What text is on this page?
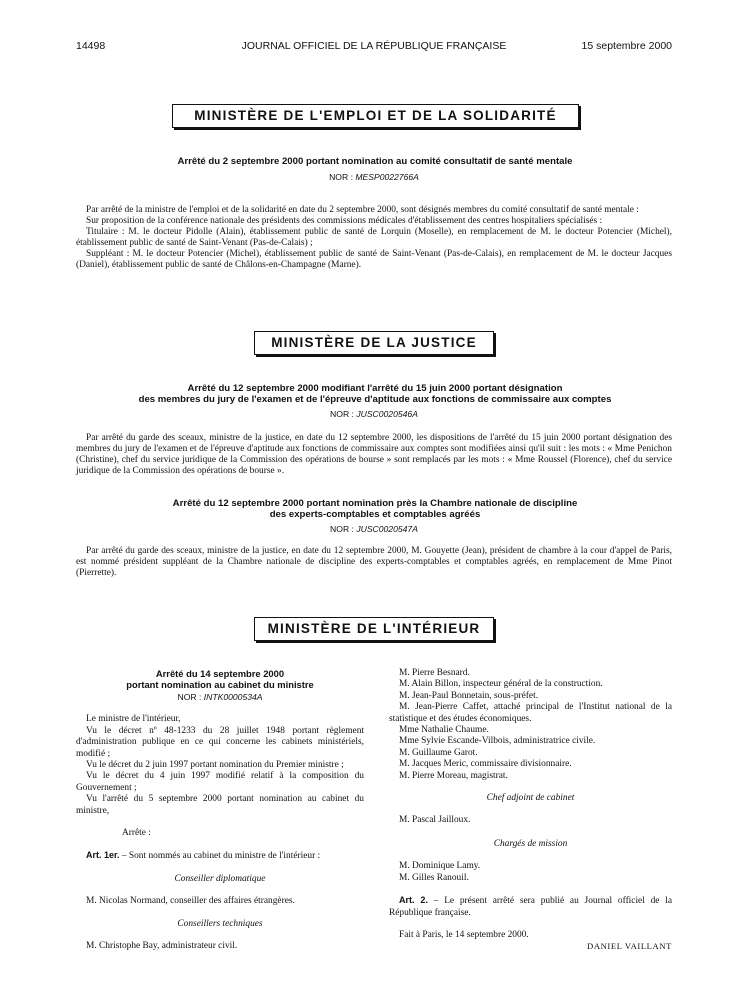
14498	JOURNAL OFFICIEL DE LA RÉPUBLIQUE FRANÇAISE	15 septembre 2000
MINISTÈRE DE L'EMPLOI ET DE LA SOLIDARITÉ
Arrêté du 2 septembre 2000 portant nomination au comité consultatif de santé mentale
NOR : MESP0022766A
Par arrêté de la ministre de l'emploi et de la solidarité en date du 2 septembre 2000, sont désignés membres du comité consultatif de santé mentale :
Sur proposition de la conférence nationale des présidents des commissions médicales d'établissement des centres hospitaliers spécialisés :
Titulaire : M. le docteur Pidolle (Alain), établissement public de santé de Lorquin (Moselle), en remplacement de M. le docteur Potencier (Michel), établissement public de santé de Saint-Venant (Pas-de-Calais) ;
Suppléant : M. le docteur Potencier (Michel), établissement public de santé de Saint-Venant (Pas-de-Calais), en remplacement de M. le docteur Jacques (Daniel), établissement public de santé de Châlons-en-Champagne (Marne).
MINISTÈRE DE LA JUSTICE
Arrêté du 12 septembre 2000 modifiant l'arrêté du 15 juin 2000 portant désignation
des membres du jury de l'examen et de l'épreuve d'aptitude aux fonctions de commissaire aux comptes
NOR : JUSC0020546A
Par arrêté du garde des sceaux, ministre de la justice, en date du 12 septembre 2000, les dispositions de l'arrêté du 15 juin 2000 portant désignation des membres du jury de l'examen et de l'épreuve d'aptitude aux fonctions de commissaire aux comptes sont modifiées ainsi qu'il suit : les mots : « Mme Penichon (Christine), chef du service juridique de la Commission des opérations de bourse » sont remplacés par les mots : « Mme Roussel (Florence), chef du service juridique de la Commission des opérations de bourse ».
Arrêté du 12 septembre 2000 portant nomination près la Chambre nationale de discipline
des experts-comptables et comptables agréés
NOR : JUSC0020547A
Par arrêté du garde des sceaux, ministre de la justice, en date du 12 septembre 2000, M. Gouyette (Jean), président de chambre à la cour d'appel de Paris, est nommé président suppléant de la Chambre nationale de discipline des experts-comptables et comptables agréés, en remplacement de Mme Pinot (Pierrette).
MINISTÈRE DE L'INTÉRIEUR
Arrêté du 14 septembre 2000
portant nomination au cabinet du ministre
NOR : INTK0000534A
Le ministre de l'intérieur,
Vu le décret nº 48-1233 du 28 juillet 1948 portant règlement d'administration publique en ce qui concerne les cabinets ministériels, modifié ;
Vu le décret du 2 juin 1997 portant nomination du Premier ministre ;
Vu le décret du 4 juin 1997 modifié relatif à la composition du Gouvernement ;
Vu l'arrêté du 5 septembre 2000 portant nomination au cabinet du ministre,
Arrête :
Art. 1er. – Sont nommés au cabinet du ministre de l'intérieur :
Conseiller diplomatique
M. Nicolas Normand, conseiller des affaires étrangères.
Conseillers techniques
M. Christophe Bay, administrateur civil.
M. Pierre Besnard.
M. Alain Billon, inspecteur général de la construction.
M. Jean-Paul Bonnetain, sous-préfet.
M. Jean-Pierre Caffet, attaché principal de l'Institut national de la statistique et des études économiques.
Mme Nathalie Chaume.
Mme Sylvie Escande-Vilbois, administratrice civile.
M. Guillaume Garot.
M. Jacques Meric, commissaire divisionnaire.
M. Pierre Moreau, magistrat.
Chef adjoint de cabinet
M. Pascal Jailloux.
Chargés de mission
M. Dominique Lamy.
M. Gilles Ranouil.
Art. 2. – Le présent arrêté sera publié au Journal officiel de la République française.
Fait à Paris, le 14 septembre 2000.
DANIEL VAILLANT
